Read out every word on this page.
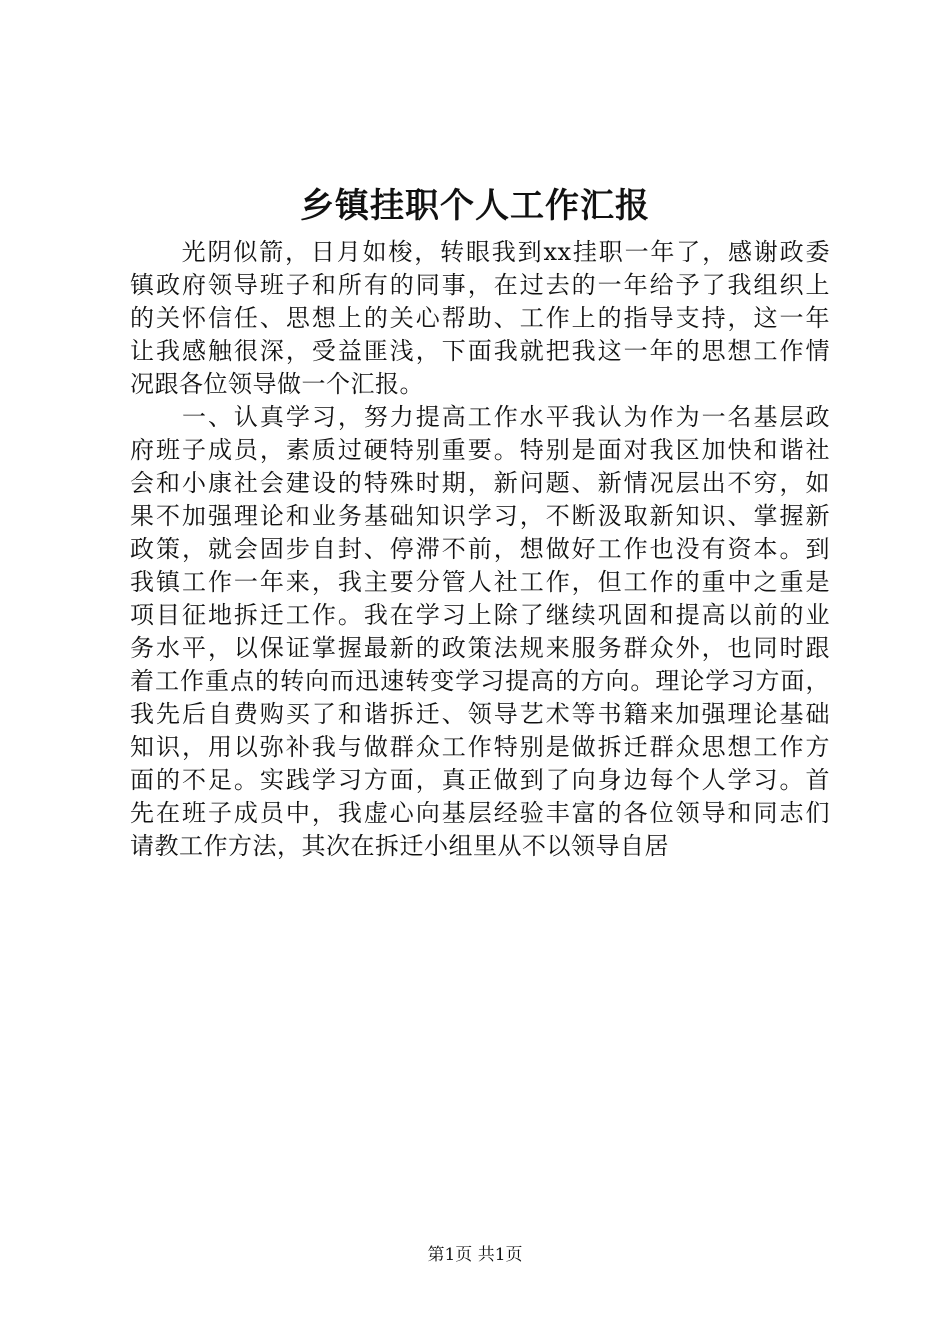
乡镇挂职个人工作汇报
　　光阴似箭，日月如梭，转眼我到xx挂职一年了，感谢政委
镇政府领导班子和所有的同事，在过去的一年给予了我组织上
的关怀信任、思想上的关心帮助、工作上的指导支持，这一年
让我感触很深，受益匪浅，下面我就把我这一年的思想工作情
况跟各位领导做一个汇报。
　　一、认真学习，努力提高工作水平我认为作为一名基层政
府班子成员，素质过硬特别重要。特别是面对我区加快和谐社
会和小康社会建设的特殊时期，新问题、新情况层出不穷，如
果不加强理论和业务基础知识学习，不断汲取新知识、掌握新
政策，就会固步自封、停滞不前，想做好工作也没有资本。到
我镇工作一年来，我主要分管人社工作，但工作的重中之重是
项目征地拆迁工作。我在学习上除了继续巩固和提高以前的业
务水平，以保证掌握最新的政策法规来服务群众外，也同时跟
着工作重点的转向而迅速转变学习提高的方向。理论学习方面，
我先后自费购买了和谐拆迁、领导艺术等书籍来加强理论基础
知识，用以弥补我与做群众工作特别是做拆迁群众思想工作方
面的不足。实践学习方面，真正做到了向身边每个人学习。首
先在班子成员中，我虚心向基层经验丰富的各位领导和同志们
请教工作方法，其次在拆迁小组里从不以领导自居
第1页 共1页
